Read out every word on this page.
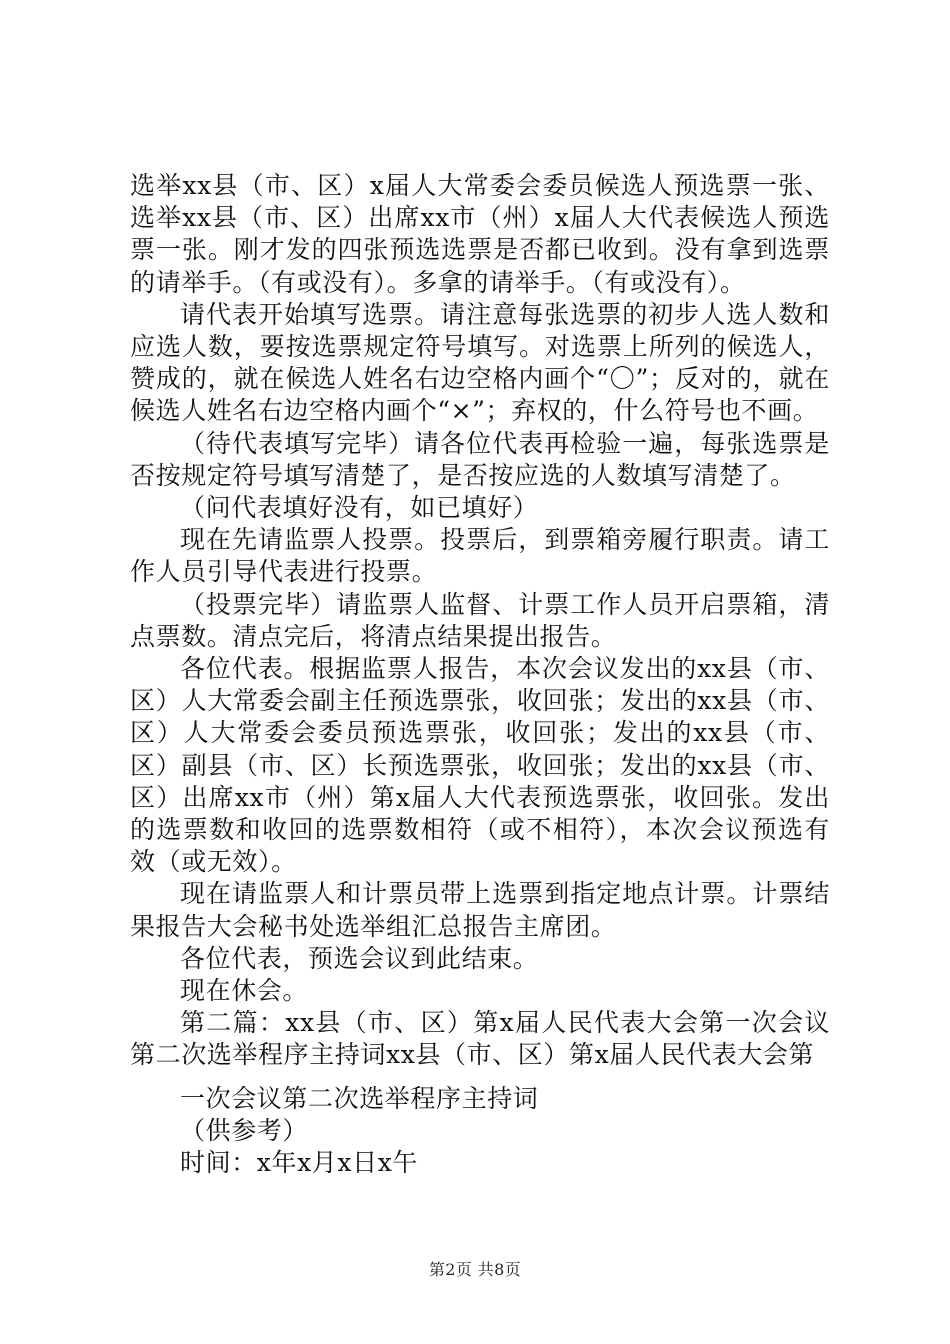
选举xx县（市、区）x届人大常委会委员候选人预选票一张、选举xx县（市、区）出席xx市（州）x届人大代表候选人预选票一张。刚才发的四张预选选票是否都已收到。没有拿到选票的请举手。（有或没有）。多拿的请举手。（有或没有）。

请代表开始填写选票。请注意每张选票的初步人选人数和应选人数，要按选票规定符号填写。对选票上所列的候选人，赞成的，就在候选人姓名右边空格内画个“〇”；反对的，就在候选人姓名右边空格内画个“×”；弃权的，什么符号也不画。

（待代表填写完毕）请各位代表再检验一遍，每张选票是否按规定符号填写清楚了，是否按应选的人数填写清楚了。

（问代表填好没有，如已填好）

现在先请监票人投票。投票后，到票箱旁履行职责。请工作人员引导代表进行投票。

（投票完毕）请监票人监督、计票工作人员开启票箱，清点票数。清点完后，将清点结果提出报告。

各位代表。根据监票人报告，本次会议发出的xx县（市、区）人大常委会副主任预选票张，收回张；发出的xx县（市、区）人大常委会委员预选票张，收回张；发出的xx县（市、区）副县（市、区）长预选票张，收回张；发出的xx县（市、区）出席xx市（州）第x届人大代表预选票张，收回张。发出的选票数和收回的选票数相符（或不相符），本次会议预选有效（或无效）。

现在请监票人和计票员带上选票到指定地点计票。计票结果报告大会秘书处选举组汇总报告主席团。

各位代表，预选会议到此结束。

现在休会。

第二篇：xx县（市、区）第x届人民代表大会第一次会议第二次选举程序主持词xx县（市、区）第x届人民代表大会第

一次会议第二次选举程序主持词

（供参考）

时间：x年x月x日x午

第2页 共8页
